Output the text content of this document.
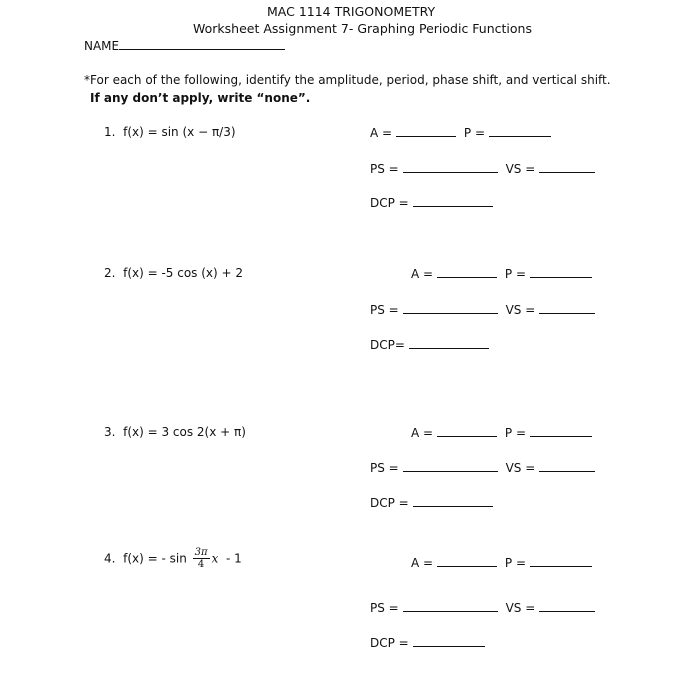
MAC 1114 TRIGONOMETRY
Worksheet Assignment 7- Graphing Periodic Functions
NAME
*For each of the following, identify the amplitude, period, phase shift, and vertical shift.
If any don’t apply, write “none”.
1. f(x) = sin (x − π/3)	A =	P =
PS =	VS =
DCP =
2. f(x) = -5 cos (x) + 2	A =	P =
PS =	VS =
DCP=
3. f(x) = 3 cos 2(x + π)	A =	P =
PS =	VS =
DCP =
4. f(x) = - $\sin \frac{3\pi}{4}$ x - 1	A =	P =
PS =	VS =
DCP =
